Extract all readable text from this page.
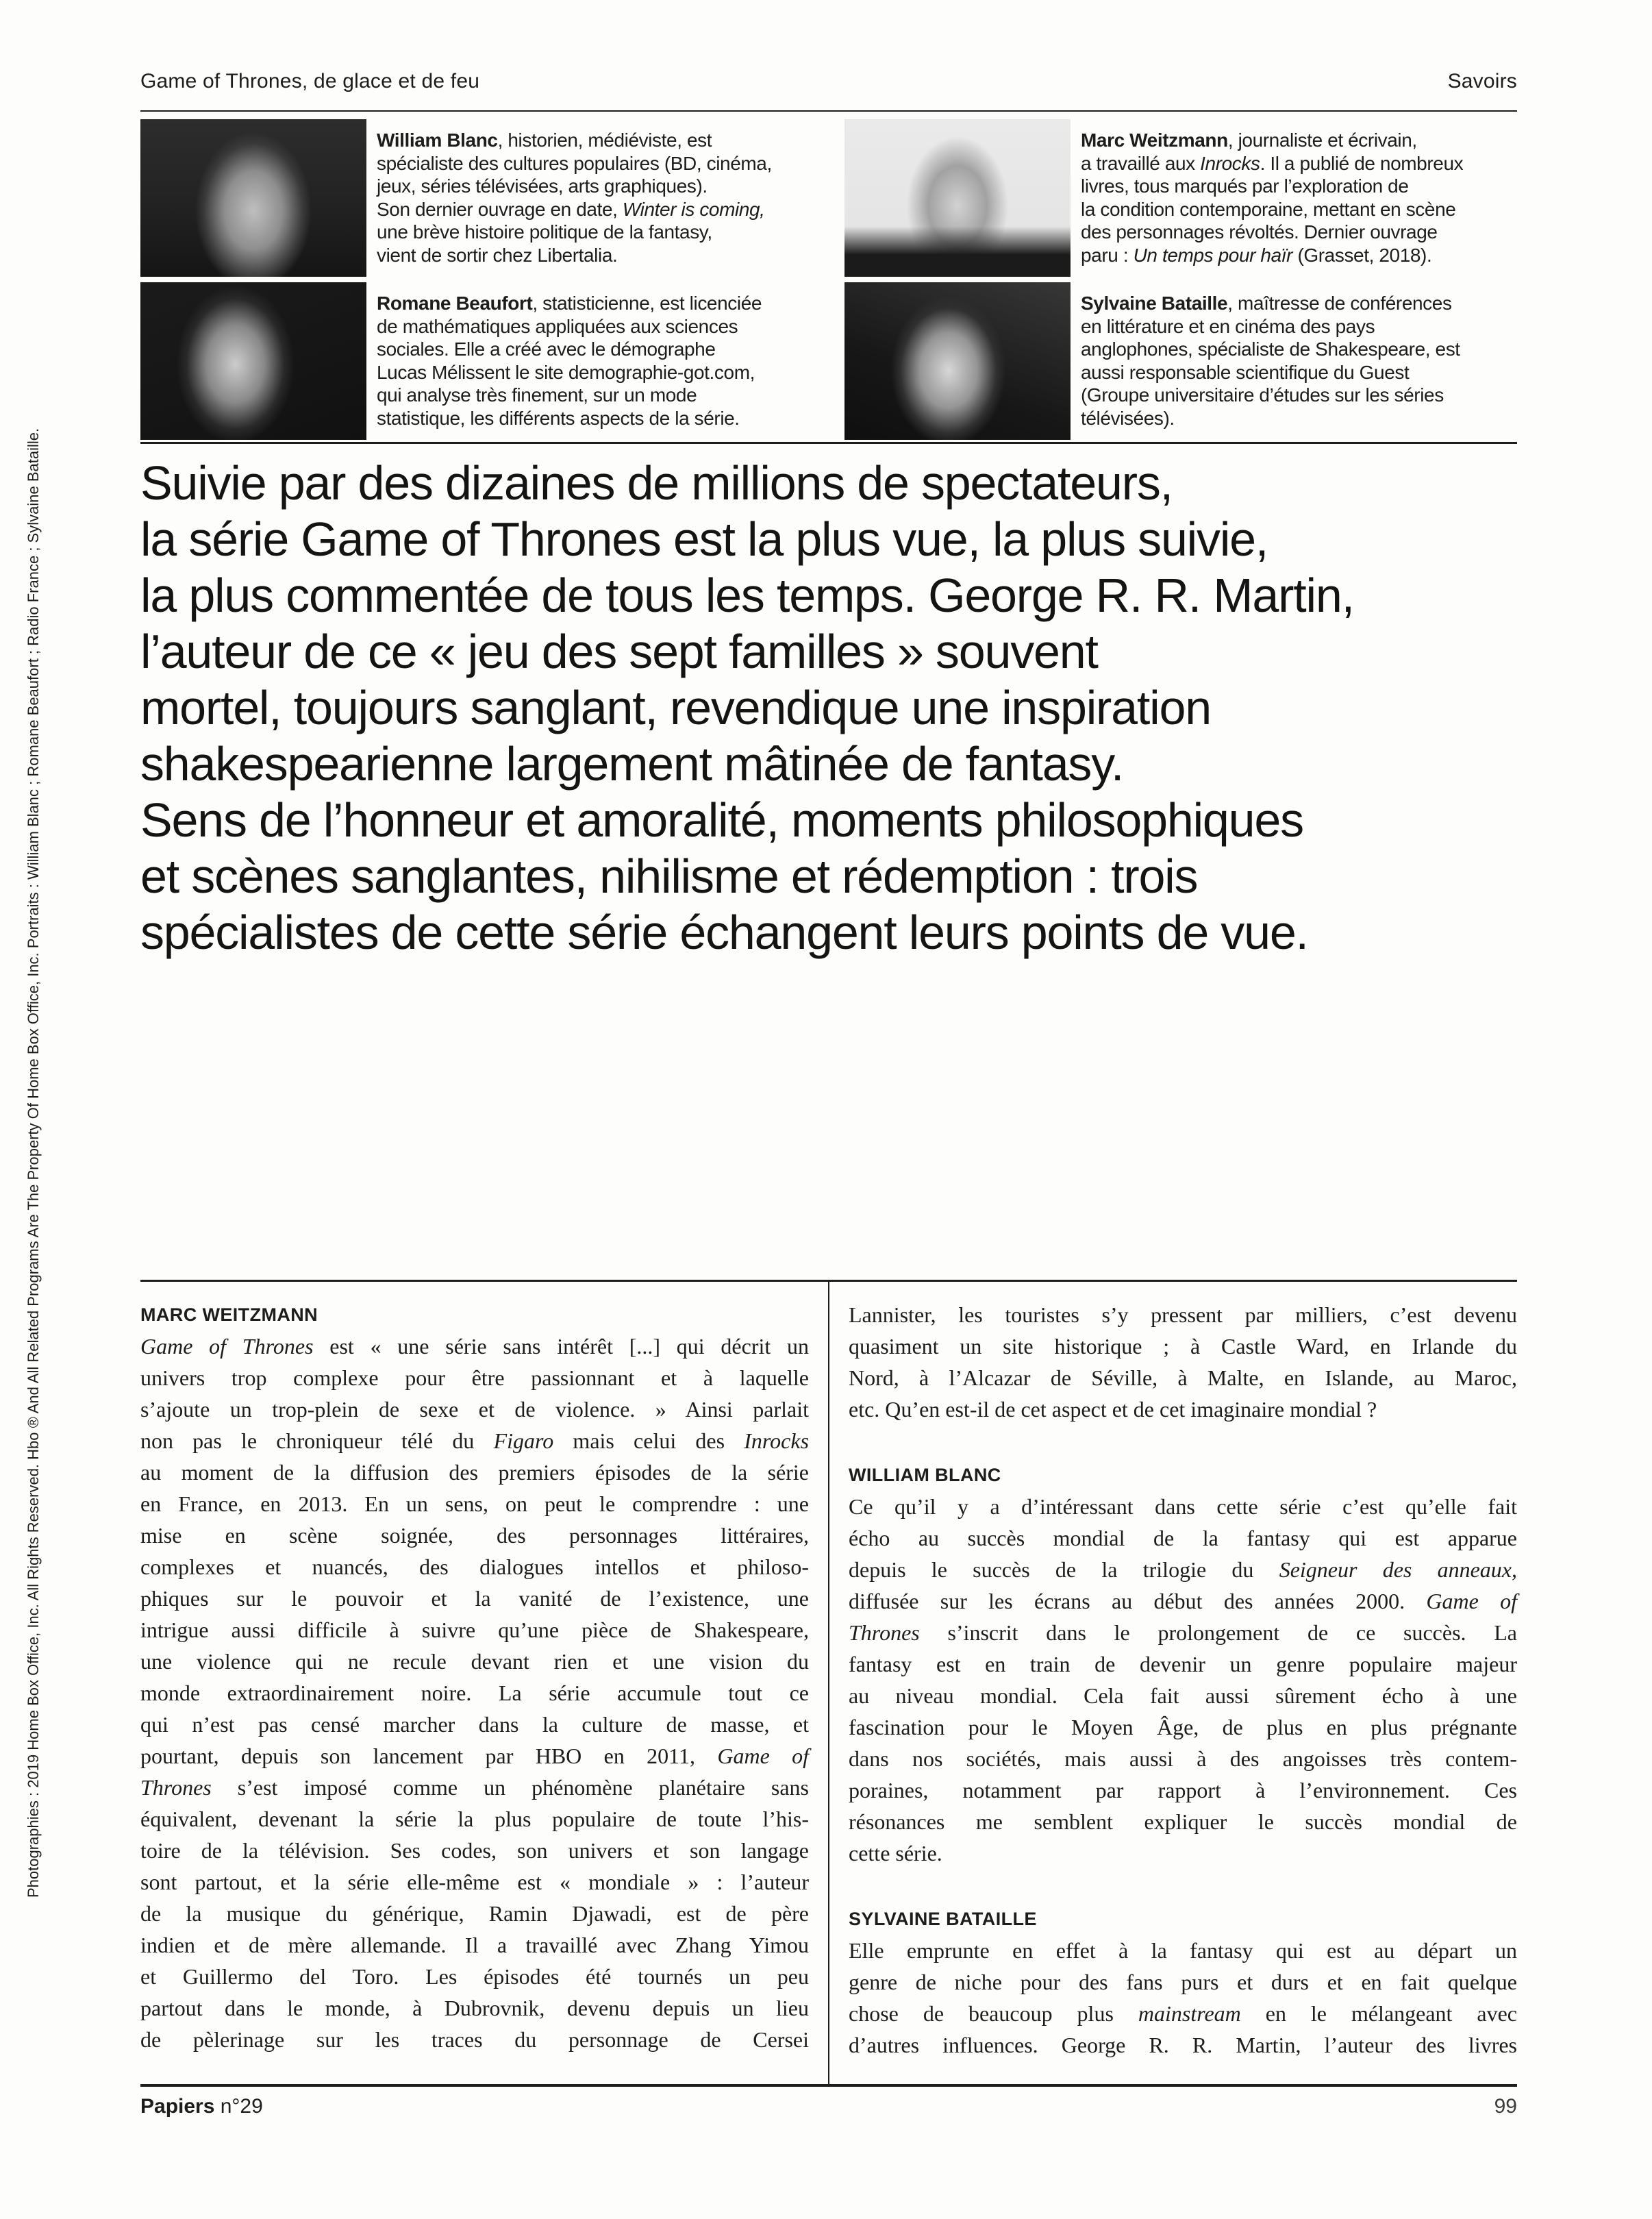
Photographies : 2019 Home Box Office, Inc. All Rights Reserved. Hbo ® And All Related Programs Are The Property Of Home Box Office, Inc. Portraits : William Blanc ; Romane Beaufort ; Radio France ; Sylvaine Bataille.
Game of Thrones, de glace et de feu	Savoirs
William Blanc, historien, médiéviste, est
spécialiste des cultures populaires (BD, cinéma,
jeux, séries télévisées, arts graphiques).
Son dernier ouvrage en date, Winter is coming,
une brève histoire politique de la fantasy,
vient de sortir chez Libertalia.
Marc Weitzmann, journaliste et écrivain,
a travaillé aux Inrocks. Il a publié de nombreux
livres, tous marqués par l’exploration de
la condition contemporaine, mettant en scène
des personnages révoltés. Dernier ouvrage
paru : Un temps pour haïr (Grasset, 2018).
Romane Beaufort, statisticienne, est licenciée
de mathématiques appliquées aux sciences
sociales. Elle a créé avec le démographe
Lucas Mélissent le site demographie-got.com,
qui analyse très finement, sur un mode
statistique, les différents aspects de la série.
Sylvaine Bataille, maîtresse de conférences
en littérature et en cinéma des pays
anglophones, spécialiste de Shakespeare, est
aussi responsable scientifique du Guest
(Groupe universitaire d’études sur les séries
télévisées).
Suivie par des dizaines de millions de spectateurs,
la série Game of Thrones est la plus vue, la plus suivie,
la plus commentée de tous les temps. George R. R. Martin,
l’auteur de ce « jeu des sept familles » souvent
mortel, toujours sanglant, revendique une inspiration
shakespearienne largement mâtinée de fantasy.
Sens de l’honneur et amoralité, moments philosophiques
et scènes sanglantes, nihilisme et rédemption : trois
spécialistes de cette série échangent leurs points de vue.
MARC WEITZMANN
Game of Thrones est « une série sans intérêt [...] qui décrit un
univers trop complexe pour être passionnant et à laquelle
s’ajoute un trop-plein de sexe et de violence. » Ainsi parlait
non pas le chroniqueur télé du Figaro mais celui des Inrocks
au moment de la diffusion des premiers épisodes de la série
en France, en 2013. En un sens, on peut le comprendre : une
mise en scène soignée, des personnages littéraires,
complexes et nuancés, des dialogues intellos et philoso-
phiques sur le pouvoir et la vanité de l’existence, une
intrigue aussi difficile à suivre qu’une pièce de Shakespeare,
une violence qui ne recule devant rien et une vision du
monde extraordinairement noire. La série accumule tout ce
qui n’est pas censé marcher dans la culture de masse, et
pourtant, depuis son lancement par HBO en 2011, Game of
Thrones s’est imposé comme un phénomène planétaire sans
équivalent, devenant la série la plus populaire de toute l’his-
toire de la télévision. Ses codes, son univers et son langage
sont partout, et la série elle-même est « mondiale » : l’auteur
de la musique du générique, Ramin Djawadi, est de père
indien et de mère allemande. Il a travaillé avec Zhang Yimou
et Guillermo del Toro. Les épisodes été tournés un peu
partout dans le monde, à Dubrovnik, devenu depuis un lieu
de pèlerinage sur les traces du personnage de Cersei
Lannister, les touristes s’y pressent par milliers, c’est devenu
quasiment un site historique ; à Castle Ward, en Irlande du
Nord, à l’Alcazar de Séville, à Malte, en Islande, au Maroc,
etc. Qu’en est-il de cet aspect et de cet imaginaire mondial ?
WILLIAM BLANC
Ce qu’il y a d’intéressant dans cette série c’est qu’elle fait
écho au succès mondial de la fantasy qui est apparue
depuis le succès de la trilogie du Seigneur des anneaux,
diffusée sur les écrans au début des années 2000. Game of
Thrones s’inscrit dans le prolongement de ce succès. La
fantasy est en train de devenir un genre populaire majeur
au niveau mondial. Cela fait aussi sûrement écho à une
fascination pour le Moyen Âge, de plus en plus prégnante
dans nos sociétés, mais aussi à des angoisses très contem-
poraines, notamment par rapport à l’environnement. Ces
résonances me semblent expliquer le succès mondial de
cette série.
SYLVAINE BATAILLE
Elle emprunte en effet à la fantasy qui est au départ un
genre de niche pour des fans purs et durs et en fait quelque
chose de beaucoup plus mainstream en le mélangeant avec
d’autres influences. George R. R. Martin, l’auteur des livres
Papiers n°29	99
